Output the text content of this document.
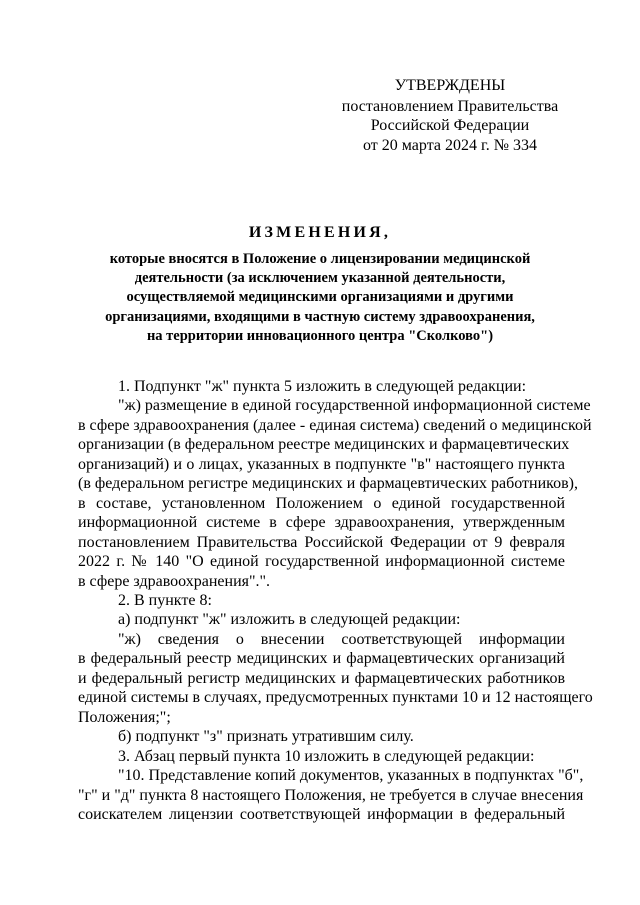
УТВЕРЖДЕНЫ
постановлением Правительства
Российской Федерации
от 20 марта 2024 г. № 334
ИЗМЕНЕНИЯ,
которые вносятся в Положение о лицензировании медицинской
деятельности (за исключением указанной деятельности,
осуществляемой медицинскими организациями и другими
организациями, входящими в частную систему здравоохранения,
на территории инновационного центра "Сколково")
1. Подпункт "ж" пункта 5 изложить в следующей редакции:
"ж) размещение в единой государственной информационной системе
в сфере здравоохранения (далее - единая система) сведений о медицинской
организации (в федеральном реестре медицинских и фармацевтических
организаций) и о лицах, указанных в подпункте "в" настоящего пункта
(в федеральном регистре медицинских и фармацевтических работников),
в составе, установленном Положением о единой государственной
информационной системе в сфере здравоохранения, утвержденным
постановлением Правительства Российской Федерации от 9 февраля
2022 г. № 140 "О единой государственной информационной системе
в сфере здравоохранения".".
2. В пункте 8:
а) подпункт "ж" изложить в следующей редакции:
"ж) сведения о внесении соответствующей информации
в федеральный реестр медицинских и фармацевтических организаций
и федеральный регистр медицинских и фармацевтических работников
единой системы в случаях, предусмотренных пунктами 10 и 12 настоящего
Положения;";
б) подпункт "з" признать утратившим силу.
3. Абзац первый пункта 10 изложить в следующей редакции:
"10. Представление копий документов, указанных в подпунктах "б",
"г" и "д" пункта 8 настоящего Положения, не требуется в случае внесения
соискателем лицензии соответствующей информации в федеральный
